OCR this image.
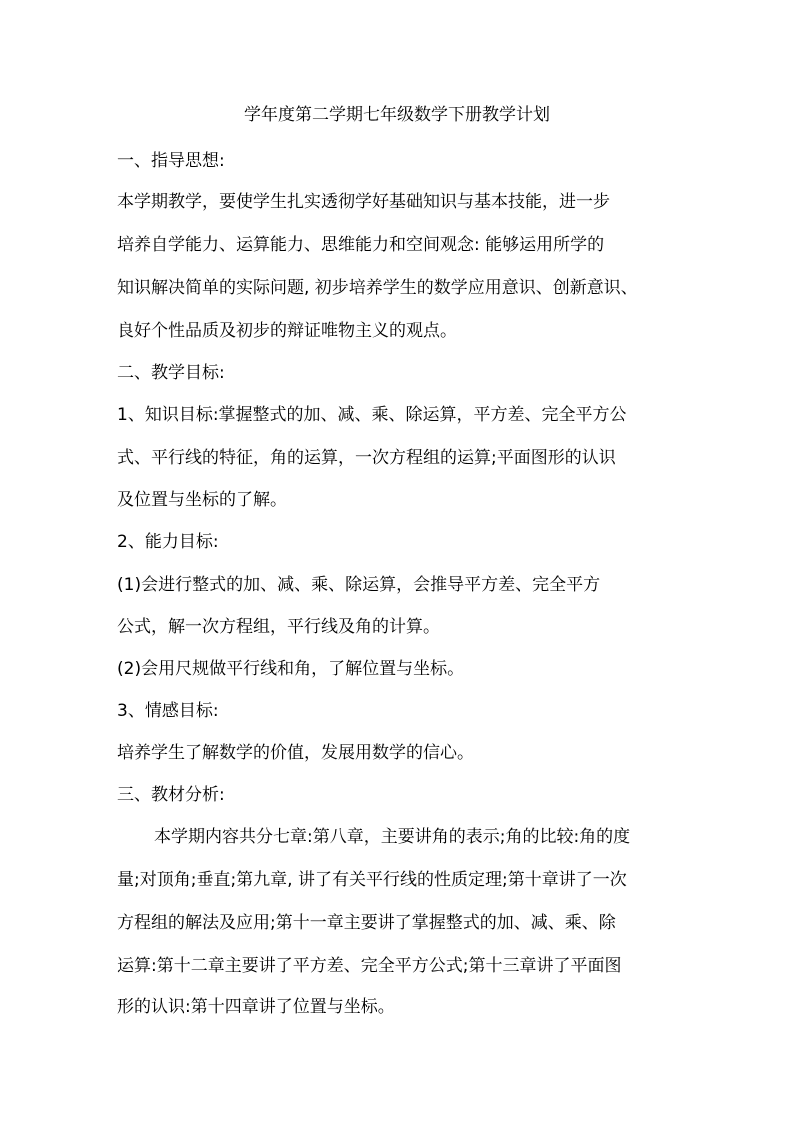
学年度第二学期七年级数学下册教学计划
一、指导思想:
本学期教学，要使学生扎实透彻学好基础知识与基本技能，进一步
培养自学能力、运算能力、思维能力和空间观念: 能够运用所学的
知识解决简单的实际问题, 初步培养学生的数学应用意识、创新意识、
良好个性品质及初步的辩证唯物主义的观点。
二、教学目标:
1、知识目标:掌握整式的加、减、乘、除运算，平方差、完全平方公
式、平行线的特征，角的运算，一次方程组的运算;平面图形的认识
及位置与坐标的了解。
2、能力目标:
(1)会进行整式的加、减、乘、除运算，会推导平方差、完全平方
公式，解一次方程组，平行线及角的计算。
(2)会用尺规做平行线和角，了解位置与坐标。
3、情感目标:
培养学生了解数学的价值，发展用数学的信心。
三、教材分析:
本学期内容共分七章:第八章，主要讲角的表示;角的比较:角的度
量;对顶角;垂直;第九章, 讲了有关平行线的性质定理;第十章讲了一次
方程组的解法及应用;第十一章主要讲了掌握整式的加、减、乘、除
运算:第十二章主要讲了平方差、完全平方公式;第十三章讲了平面图
形的认识:第十四章讲了位置与坐标。
